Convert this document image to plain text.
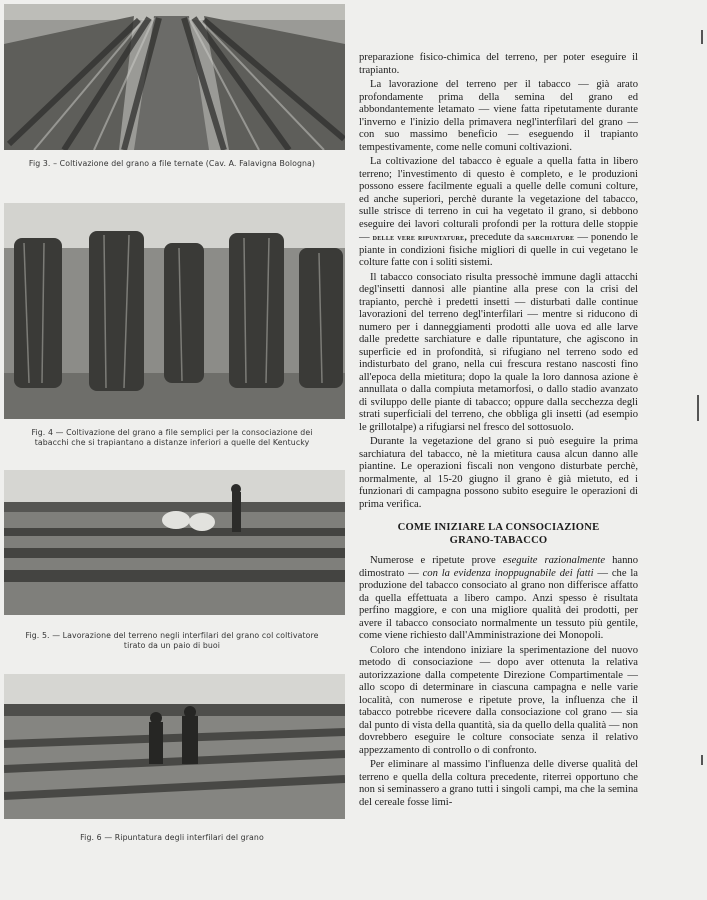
Fig 3. – Coltivazione del grano a file ternate (Cav. A. Falavigna Bologna)
Fig. 4 — Coltivazione del grano a file semplici per la consociazione dei tabacchi che si trapiantano a distanze inferiori a quelle del Kentucky
Fig. 5. — Lavorazione del terreno negli interfilari del grano col coltivatore tirato da un paio di buoi
Fig. 6 — Ripuntatura degli interfilari del grano

preparazione fisico-chimica del terreno, per poter eseguire il trapianto.

La lavorazione del terreno per il tabacco — già arato profondamente prima della semina del grano ed abbondantemente letamato — viene fatta ripetutamente durante l'inverno e l'inizio della primavera negl'interfilari del grano — con suo massimo beneficio — eseguendo il trapianto tempestivamente, come nelle comuni coltivazioni.

La coltivazione del tabacco è eguale a quella fatta in libero terreno; l'investimento di questo è completo, e le produzioni possono essere facilmente eguali a quelle delle comuni colture, ed anche superiori, perchè durante la vegetazione del tabacco, sulle strisce di terreno in cui ha vegetato il grano, si debbono eseguire dei lavori colturali profondi per la rottura delle stoppie — delle vere ripuntature, precedute da sarchiature — ponendo le piante in condizioni fisiche migliori di quelle in cui vegetano le colture fatte con i soliti sistemi.

Il tabacco consociato risulta pressochè immune dagli attacchi degl'insetti dannosi alle piantine alla prese con la crisi del trapianto, perchè i predetti insetti — disturbati dalle continue lavorazioni del terreno degl'interfilari — mentre si riducono di numero per i danneggiamenti prodotti alle uova ed alle larve dalle predette sarchiature e dalle ripuntature, che agiscono in superficie ed in profondità, si rifugiano nel terreno sodo ed indisturbato del grano, nella cui frescura restano nascosti fino all'epoca della mietitura; dopo la quale la loro dannosa azione è annullata o dalla compiuta metamorfosi, o dallo stadio avanzato di sviluppo delle piante di tabacco; oppure dalla secchezza degli strati superficiali del terreno, che obbliga gli insetti (ad esempio le grillotalpe) a rifugiarsi nel fresco del sottosuolo.

Durante la vegetazione del grano si può eseguire la prima sarchiatura del tabacco, nè la mietitura causa alcun danno alle piantine. Le operazioni fiscali non vengono disturbate perchè, normalmente, al 15-20 giugno il grano è già mietuto, ed i funzionari di campagna possono subito eseguire le operazioni di prima verifica.

COME INIZIARE LA CONSOCIAZIONE
GRANO-TABACCO

Numerose e ripetute prove eseguite razionalmente hanno dimostrato — con la evidenza inoppugnabile dei fatti — che la produzione del tabacco consociato al grano non differisce affatto da quella effettuata a libero campo. Anzi spesso è risultata perfino maggiore, e con una migliore qualità dei prodotti, per avere il tabacco consociato normalmente un tessuto più gentile, come viene richiesto dall'Amministrazione dei Monopoli.

Coloro che intendono iniziare la sperimentazione del nuovo metodo di consociazione — dopo aver ottenuta la relativa autorizzazione dalla competente Direzione Compartimentale — allo scopo di determinare in ciascuna campagna e nelle varie località, con numerose e ripetute prove, la influenza che il tabacco potrebbe ricevere dalla consociazione col grano — sia dal punto di vista della quantità, sia da quello della qualità — non dovrebbero eseguire le colture consociate senza il relativo appezzamento di controllo o di confronto.

Per eliminare al massimo l'influenza delle diverse qualità del terreno e quella della coltura precedente, riterrei opportuno che non si seminassero a grano tutti i singoli campi, ma che la semina del cereale fosse limi-
